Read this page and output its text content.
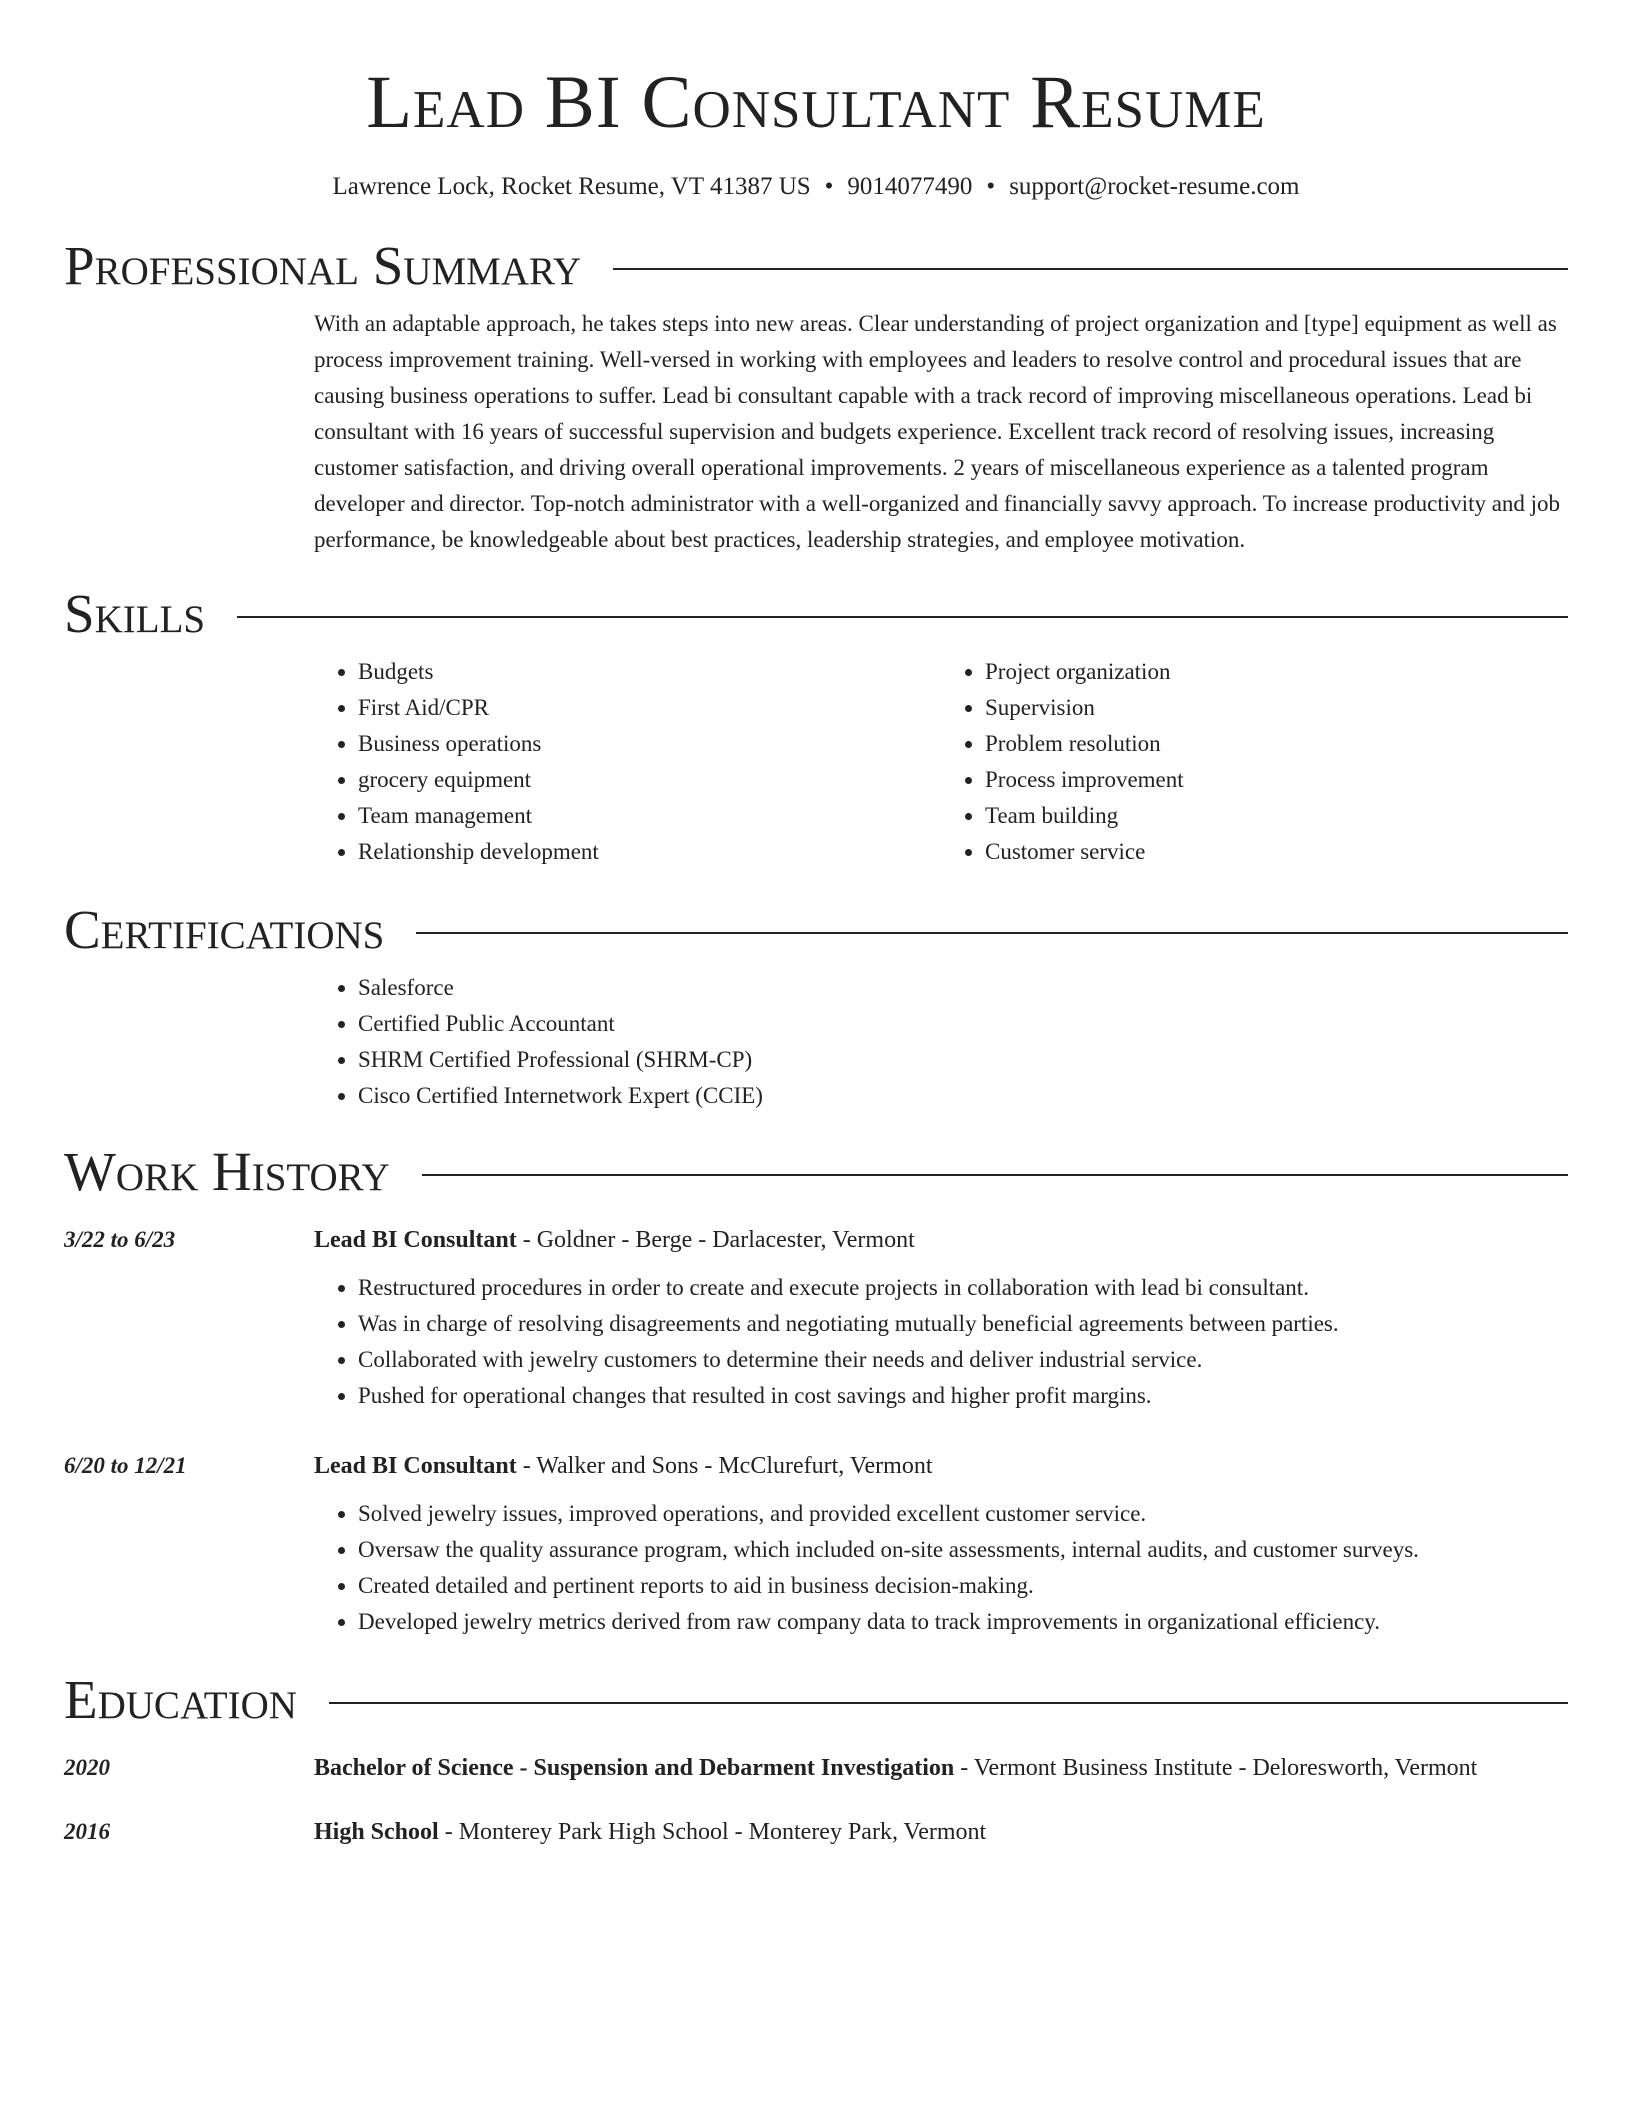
Lead BI Consultant Resume
Lawrence Lock, Rocket Resume, VT 41387 US • 9014077490 • support@rocket-resume.com
Professional Summary

With an adaptable approach, he takes steps into new areas. Clear understanding of project organization and [type] equipment as well as process improvement training. Well-versed in working with employees and leaders to resolve control and procedural issues that are causing business operations to suffer. Lead bi consultant capable with a track record of improving miscellaneous operations. Lead bi consultant with 16 years of successful supervision and budgets experience. Excellent track record of resolving issues, increasing customer satisfaction, and driving overall operational improvements. 2 years of miscellaneous experience as a talented program developer and director. Top-notch administrator with a well-organized and financially savvy approach. To increase productivity and job performance, be knowledgeable about best practices, leadership strategies, and employee motivation.

Skills
• Budgets
• First Aid/CPR
• Business operations
• grocery equipment
• Team management
• Relationship development
• Project organization
• Supervision
• Problem resolution
• Process improvement
• Team building
• Customer service
Certifications
• Salesforce
• Certified Public Accountant
• SHRM Certified Professional (SHRM-CP)
• Cisco Certified Internetwork Expert (CCIE)
Work History
3/22 to 6/23	Lead BI Consultant - Goldner - Berge - Darlacester, Vermont
• Restructured procedures in order to create and execute projects in collaboration with lead bi consultant.
• Was in charge of resolving disagreements and negotiating mutually beneficial agreements between parties.
• Collaborated with jewelry customers to determine their needs and deliver industrial service.
• Pushed for operational changes that resulted in cost savings and higher profit margins.
6/20 to 12/21	Lead BI Consultant - Walker and Sons - McClurefurt, Vermont
• Solved jewelry issues, improved operations, and provided excellent customer service.
• Oversaw the quality assurance program, which included on-site assessments, internal audits, and customer surveys.
• Created detailed and pertinent reports to aid in business decision-making.
• Developed jewelry metrics derived from raw company data to track improvements in organizational efficiency.
Education
2020	Bachelor of Science - Suspension and Debarment Investigation - Vermont Business Institute - Deloresworth, Vermont
2016	High School - Monterey Park High School - Monterey Park, Vermont
